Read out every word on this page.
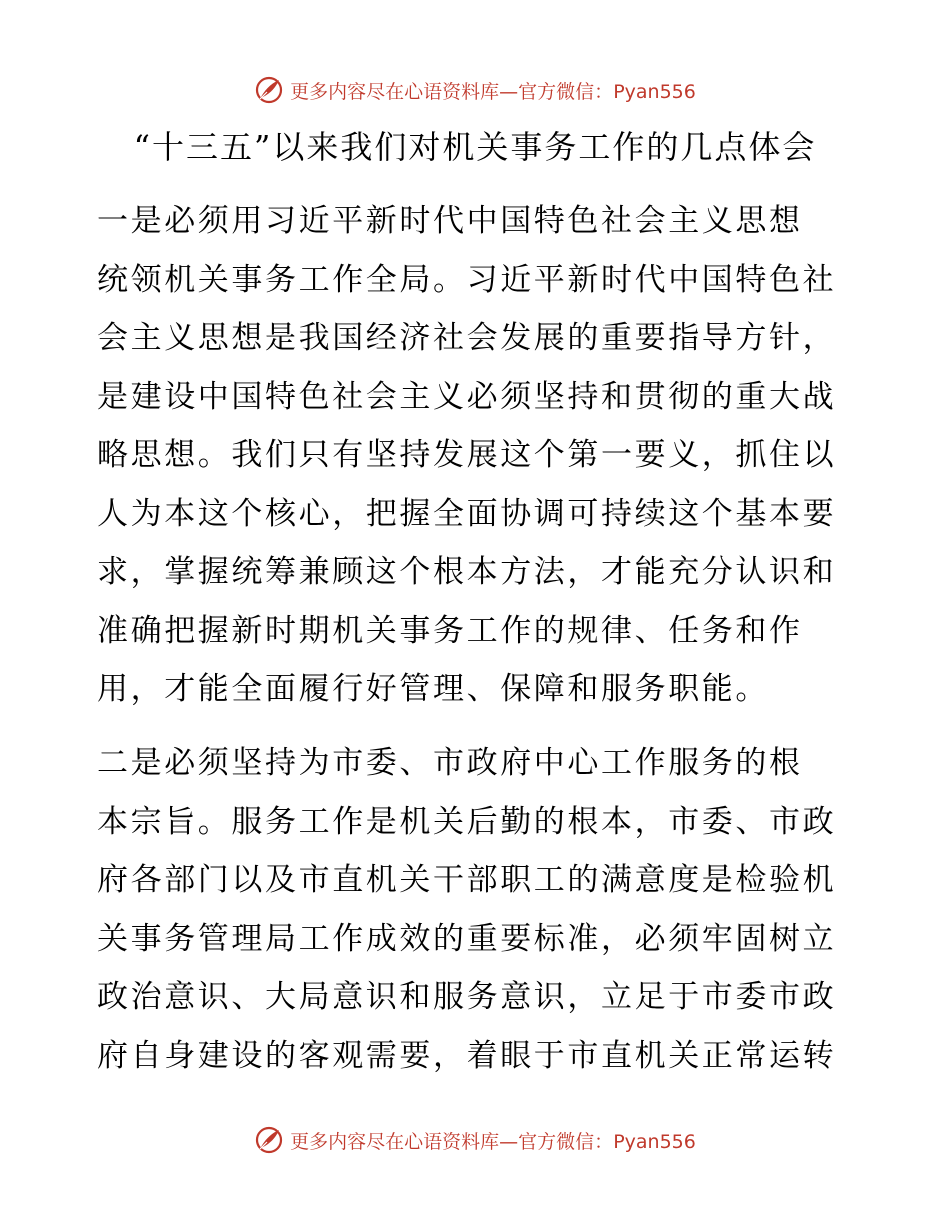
更多内容尽在心语资料库—官方微信：Pyan556
“十三五”以来我们对机关事务工作的几点体会
一是必须用习近平新时代中国特色社会主义思想
统领机关事务工作全局。习近平新时代中国特色社
会主义思想是我国经济社会发展的重要指导方针，
是建设中国特色社会主义必须坚持和贯彻的重大战
略思想。我们只有坚持发展这个第一要义，抓住以
人为本这个核心，把握全面协调可持续这个基本要
求，掌握统筹兼顾这个根本方法，才能充分认识和
准确把握新时期机关事务工作的规律、任务和作
用，才能全面履行好管理、保障和服务职能。
二是必须坚持为市委、市政府中心工作服务的根
本宗旨。服务工作是机关后勤的根本，市委、市政
府各部门以及市直机关干部职工的满意度是检验机
关事务管理局工作成效的重要标准，必须牢固树立
政治意识、大局意识和服务意识，立足于市委市政
府自身建设的客观需要，着眼于市直机关正常运转
更多内容尽在心语资料库—官方微信：Pyan556
